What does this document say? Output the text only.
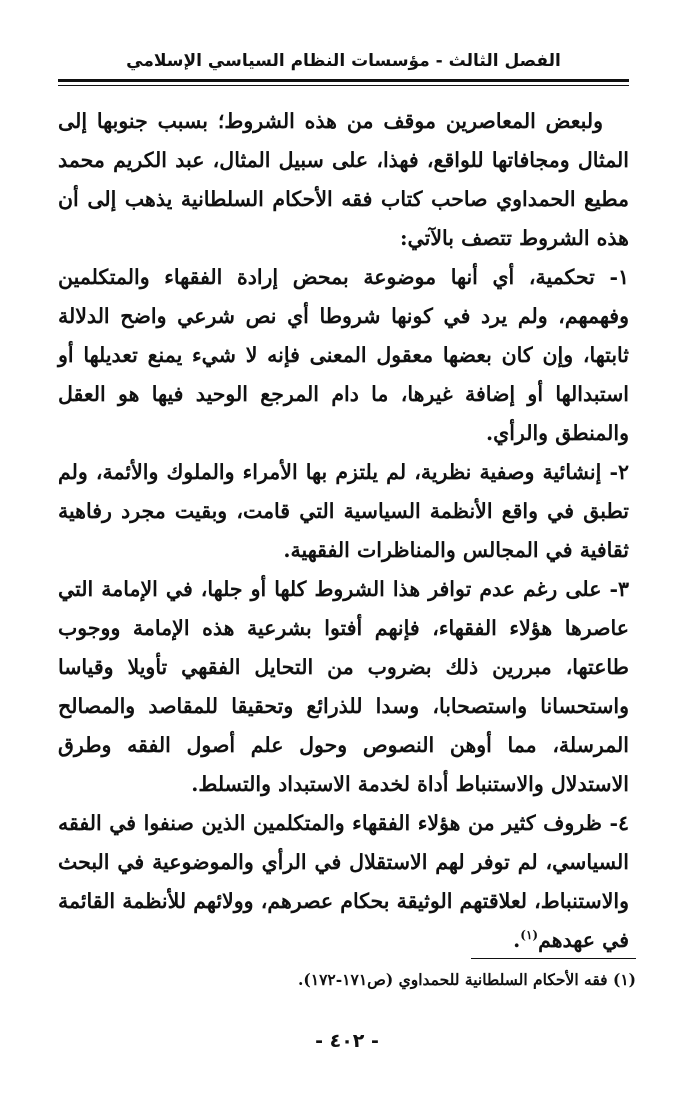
الفصل الثالث - مؤسسات النظام السياسي الإسلامي

ولبعض المعاصرين موقف من هذه الشروط؛ بسبب جنوبها إلى المثال ومجافاتها للواقع، فهذا، على سبيل المثال، عبد الكريم محمد مطيع الحمداوي صاحب كتاب فقه الأحكام السلطانية يذهب إلى أن هذه الشروط تتصف بالآتي:

١- تحكمية، أي أنها موضوعة بمحض إرادة الفقهاء والمتكلمين وفهمهم، ولم يرد في كونها شروطا أي نص شرعي واضح الدلالة ثابتها، وإن كان بعضها معقول المعنى فإنه لا شيء يمنع تعديلها أو استبدالها أو إضافة غيرها، ما دام المرجع الوحيد فيها هو العقل والمنطق والرأي.

٢- إنشائية وصفية نظرية، لم يلتزم بها الأمراء والملوك والأئمة، ولم تطبق في واقع الأنظمة السياسية التي قامت، وبقيت مجرد رفاهية ثقافية في المجالس والمناظرات الفقهية.

٣- على رغم عدم توافر هذا الشروط كلها أو جلها، في الإمامة التي عاصرها هؤلاء الفقهاء، فإنهم أفتوا بشرعية هذه الإمامة ووجوب طاعتها، مبررين ذلك بضروب من التحايل الفقهي تأويلا وقياسا واستحسانا واستصحابا، وسدا للذرائع وتحقيقا للمقاصد والمصالح المرسلة، مما أوهن النصوص وحول علم أصول الفقه وطرق الاستدلال والاستنباط أداة لخدمة الاستبداد والتسلط.

٤- ظروف كثير من هؤلاء الفقهاء والمتكلمين الذين صنفوا في الفقه السياسي، لم توفر لهم الاستقلال في الرأي والموضوعية في البحث والاستنباط، لعلاقتهم الوثيقة بحكام عصرهم، وولائهم للأنظمة القائمة في عهدهم$^{(١)}$.

(١) فقه الأحكام السلطانية للحمداوي (ص١٧١-١٧٢).
- ٤٠٢ -
